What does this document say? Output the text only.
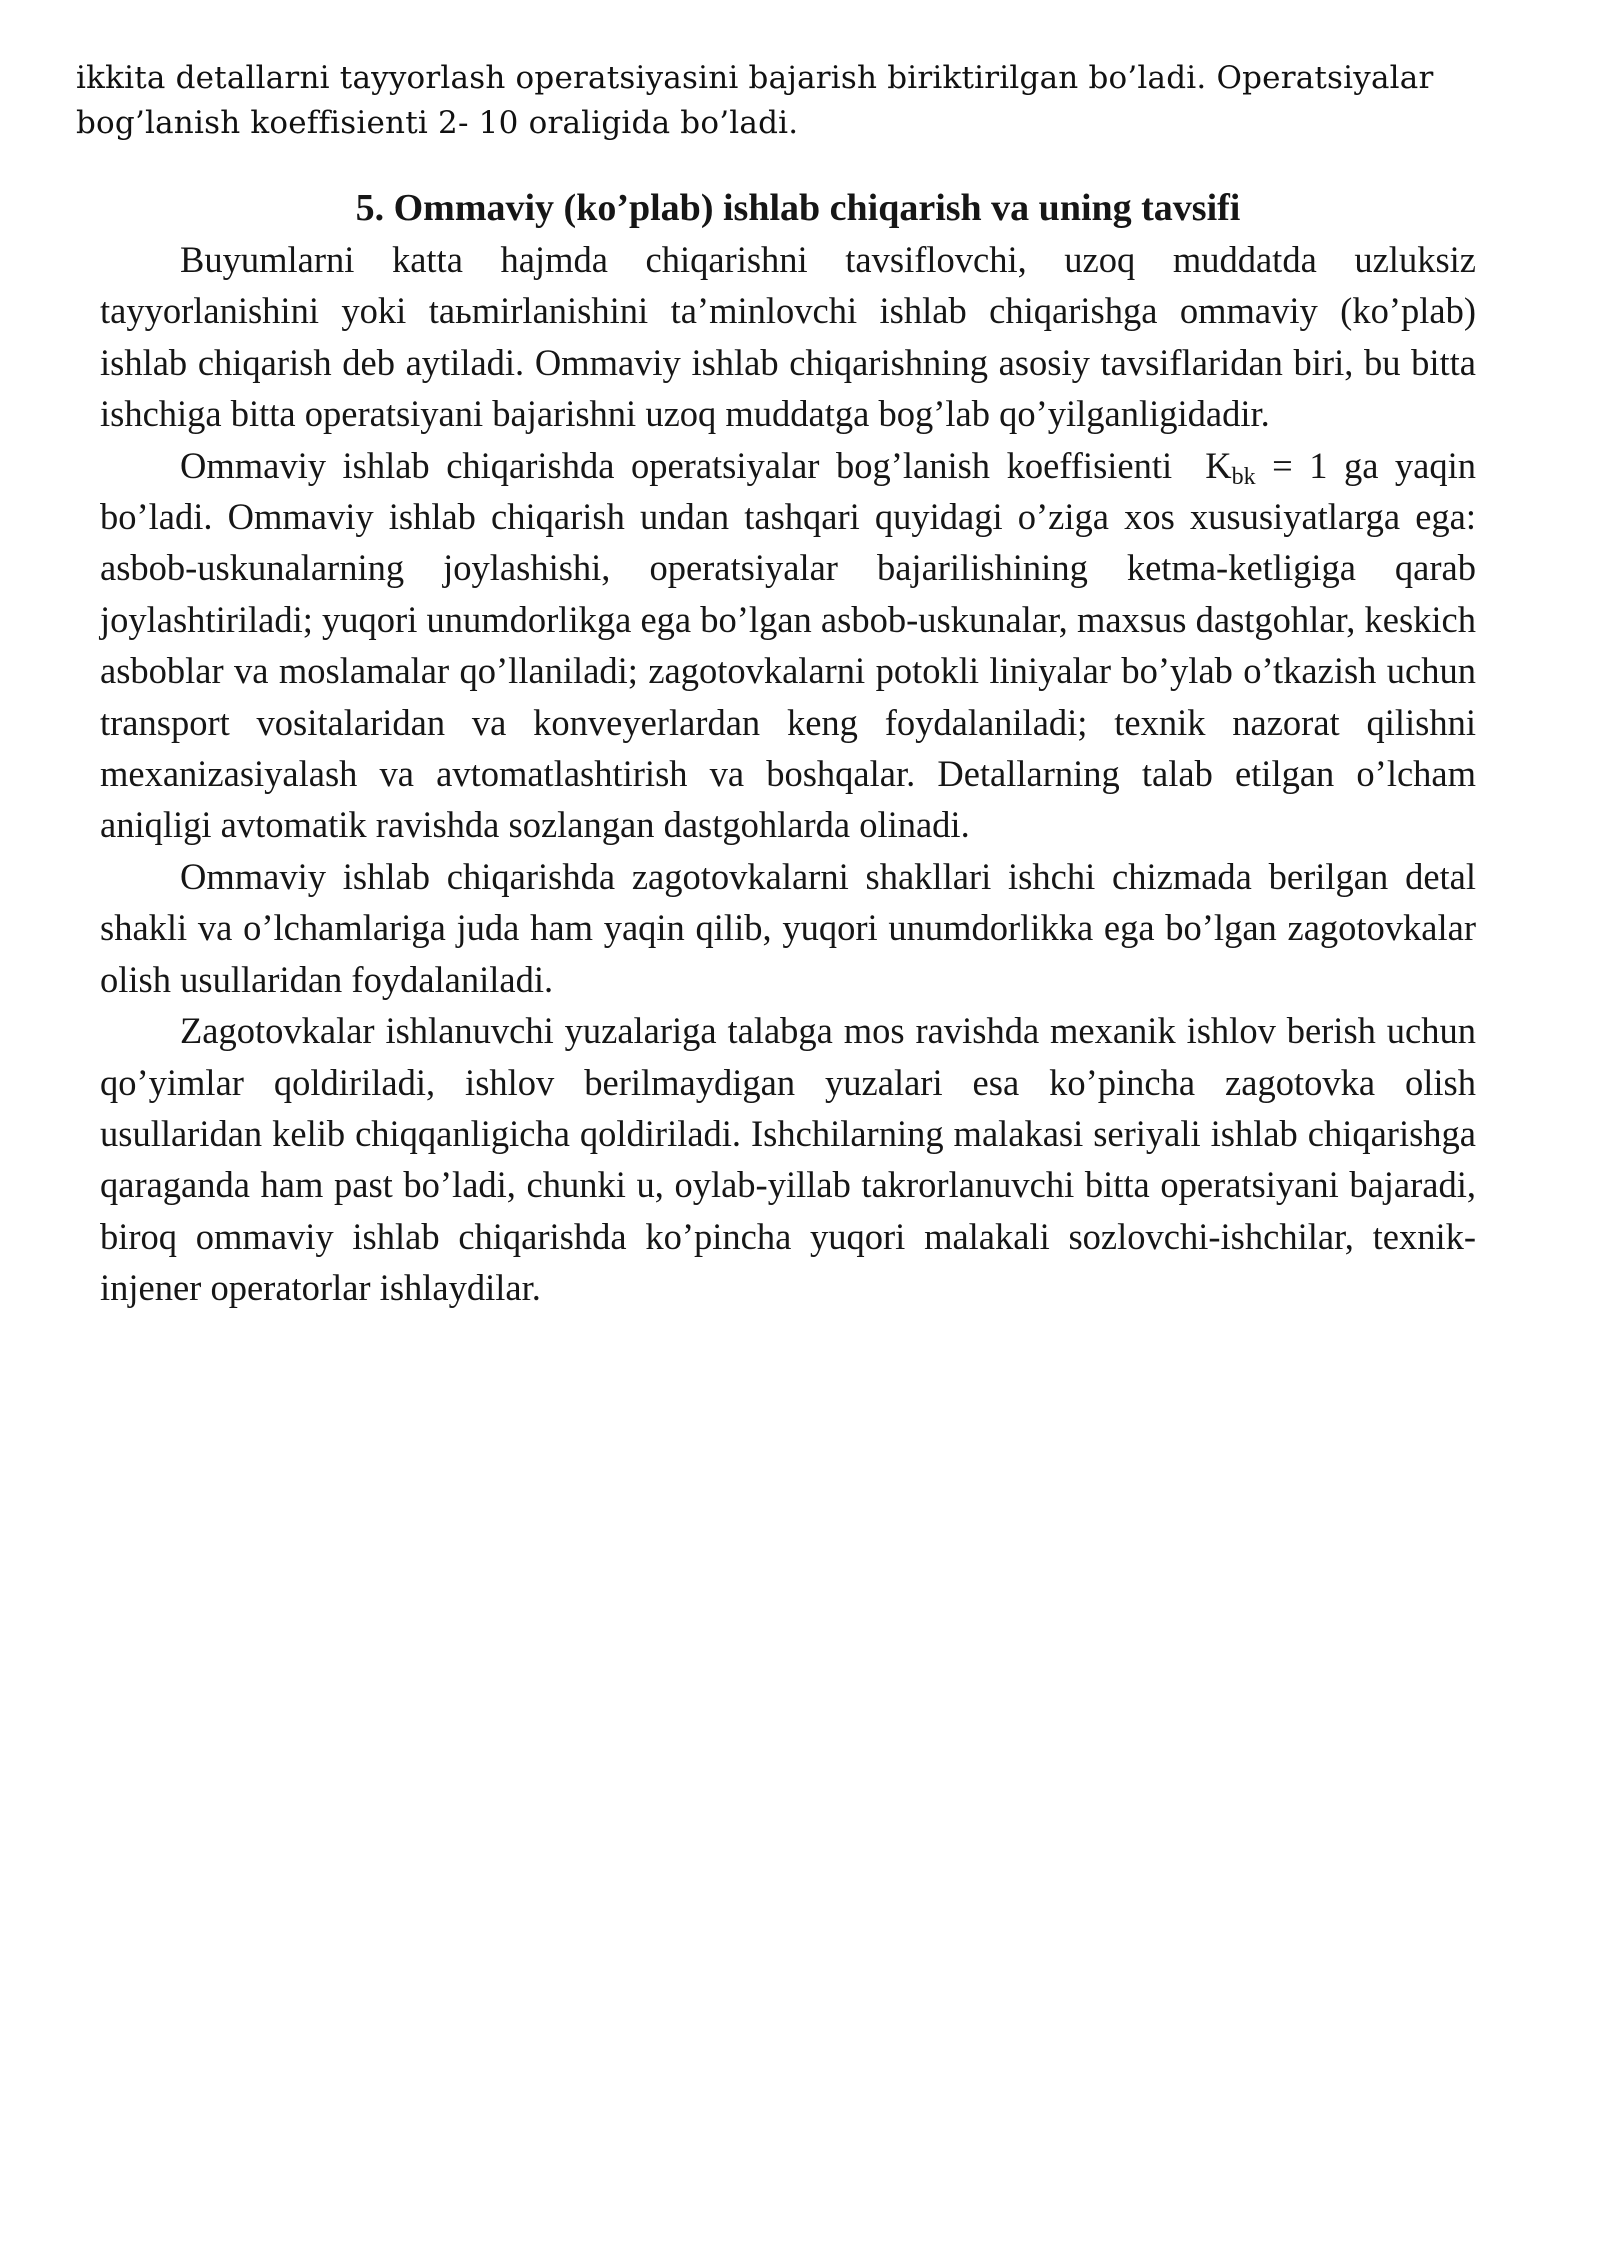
ikkita detallarni tayyorlash operatsiyasini bajarish biriktirilgan bo’ladi. Operatsiyalar bog’lanish koeffisienti 2- 10 oraligida bo’ladi.

5. Ommaviy (ko’plab) ishlab chiqarish va uning tavsifi

Buyumlarni katta hajmda chiqarishni tavsiflovchi, uzoq muddatda uzluksiz tayyorlanishini yoki taьmirlanishini ta’minlovchi ishlab chiqarishga ommaviy (ko’plab) ishlab chiqarish deb aytiladi. Ommaviy ishlab chiqarishning asosiy tavsiflaridan biri, bu bitta ishchiga bitta operatsiyani bajarishni uzoq muddatga bog’lab qo’yilganligidadir.

Ommaviy ishlab chiqarishda operatsiyalar bog’lanish koeffisienti $K_{bk} = 1$ ga yaqin bo’ladi. Ommaviy ishlab chiqarish undan tashqari quyidagi o’ziga xos xususiyatlarga ega: asbob-uskunalarning joylashishi, operatsiyalar bajarilishining ketma-ketligiga qarab joylashtiriladi; yuqori unumdorlikga ega bo’lgan asbob-uskunalar, maxsus dastgohlar, keskich asboblar va moslamalar qo’llaniladi; zagotovkalarni potokli liniyalar bo’ylab o’tkazish uchun transport vositalaridan va konveyerlardan keng foydalaniladi; texnik nazorat qilishni mexanizasiyalash va avtomatlashtirish va boshqalar. Detallarning talab etilgan o’lcham aniqligi avtomatik ravishda sozlangan dastgohlarda olinadi.

Ommaviy ishlab chiqarishda zagotovkalarni shakllari ishchi chizmada berilgan detal shakli va o’lchamlariga juda ham yaqin qilib, yuqori unumdorlikka ega bo’lgan zagotovkalar olish usullaridan foydalaniladi.

Zagotovkalar ishlanuvchi yuzalariga talabga mos ravishda mexanik ishlov berish uchun qo’yimlar qoldiriladi, ishlov berilmaydigan yuzalari esa ko’pincha zagotovka olish usullaridan kelib chiqqanligicha qoldiriladi. Ishchilarning malakasi seriyali ishlab chiqarishga qaraganda ham past bo’ladi, chunki u, oylab-yillab takrorlanuvchi bitta operatsiyani bajaradi, biroq ommaviy ishlab chiqarishda ko’pincha yuqori malakali sozlovchi-ishchilar, texnik-injener operatorlar ishlaydilar.
